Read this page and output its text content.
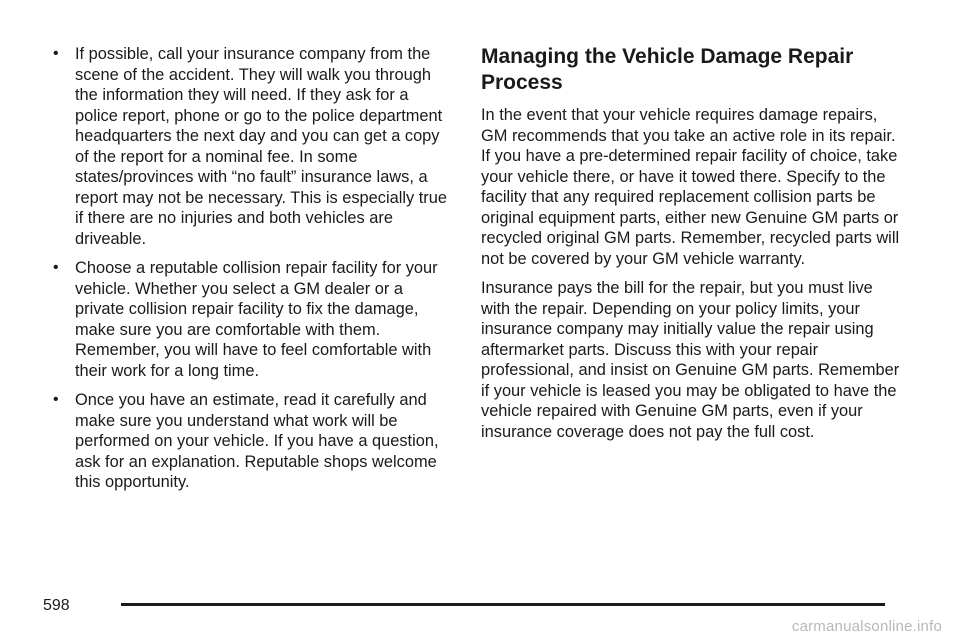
• If possible, call your insurance company from the scene of the accident. They will walk you through the information they will need. If they ask for a police report, phone or go to the police department headquarters the next day and you can get a copy of the report for a nominal fee. In some states/provinces with “no fault” insurance laws, a report may not be necessary. This is especially true if there are no injuries and both vehicles are driveable.
• Choose a reputable collision repair facility for your vehicle. Whether you select a GM dealer or a private collision repair facility to fix the damage, make sure you are comfortable with them. Remember, you will have to feel comfortable with their work for a long time.
• Once you have an estimate, read it carefully and make sure you understand what work will be performed on your vehicle. If you have a question, ask for an explanation. Reputable shops welcome this opportunity.
Managing the Vehicle Damage Repair Process

In the event that your vehicle requires damage repairs, GM recommends that you take an active role in its repair. If you have a pre-determined repair facility of choice, take your vehicle there, or have it towed there. Specify to the facility that any required replacement collision parts be original equipment parts, either new Genuine GM parts or recycled original GM parts. Remember, recycled parts will not be covered by your GM vehicle warranty.

Insurance pays the bill for the repair, but you must live with the repair. Depending on your policy limits, your insurance company may initially value the repair using aftermarket parts. Discuss this with your repair professional, and insist on Genuine GM parts. Remember if your vehicle is leased you may be obligated to have the vehicle repaired with Genuine GM parts, even if your insurance coverage does not pay the full cost.

598
carmanualsonline.info
